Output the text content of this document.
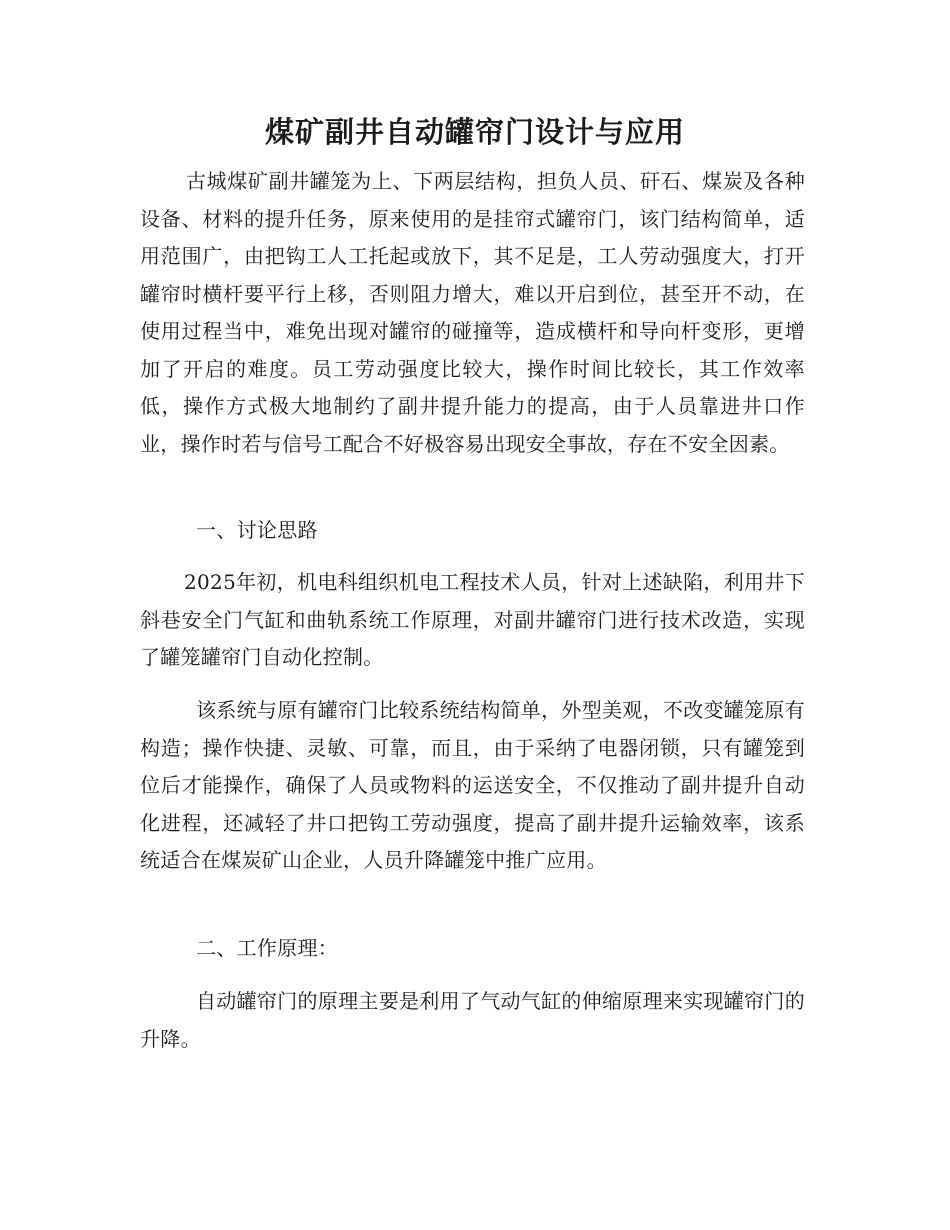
煤矿副井自动罐帘门设计与应用

古城煤矿副井罐笼为上、下两层结构，担负人员、矸石、煤炭及各种设备、材料的提升任务，原来使用的是挂帘式罐帘门，该门结构简单，适用范围广，由把钩工人工托起或放下，其不足是，工人劳动强度大，打开罐帘时横杆要平行上移，否则阻力增大，难以开启到位，甚至开不动，在使用过程当中，难免出现对罐帘的碰撞等，造成横杆和导向杆变形，更增加了开启的难度。员工劳动强度比较大，操作时间比较长，其工作效率低，操作方式极大地制约了副井提升能力的提高，由于人员靠进井口作业，操作时若与信号工配合不好极容易出现安全事故，存在不安全因素。

一、讨论思路

2025年初，机电科组织机电工程技术人员，针对上述缺陷，利用井下斜巷安全门气缸和曲轨系统工作原理，对副井罐帘门进行技术改造，实现了罐笼罐帘门自动化控制。

该系统与原有罐帘门比较系统结构简单，外型美观，不改变罐笼原有构造；操作快捷、灵敏、可靠，而且，由于采纳了电器闭锁，只有罐笼到位后才能操作，确保了人员或物料的运送安全，不仅推动了副井提升自动化进程，还减轻了井口把钩工劳动强度，提高了副井提升运输效率，该系统适合在煤炭矿山企业，人员升降罐笼中推广应用。

二、工作原理：

自动罐帘门的原理主要是利用了气动气缸的伸缩原理来实现罐帘门的升降。
